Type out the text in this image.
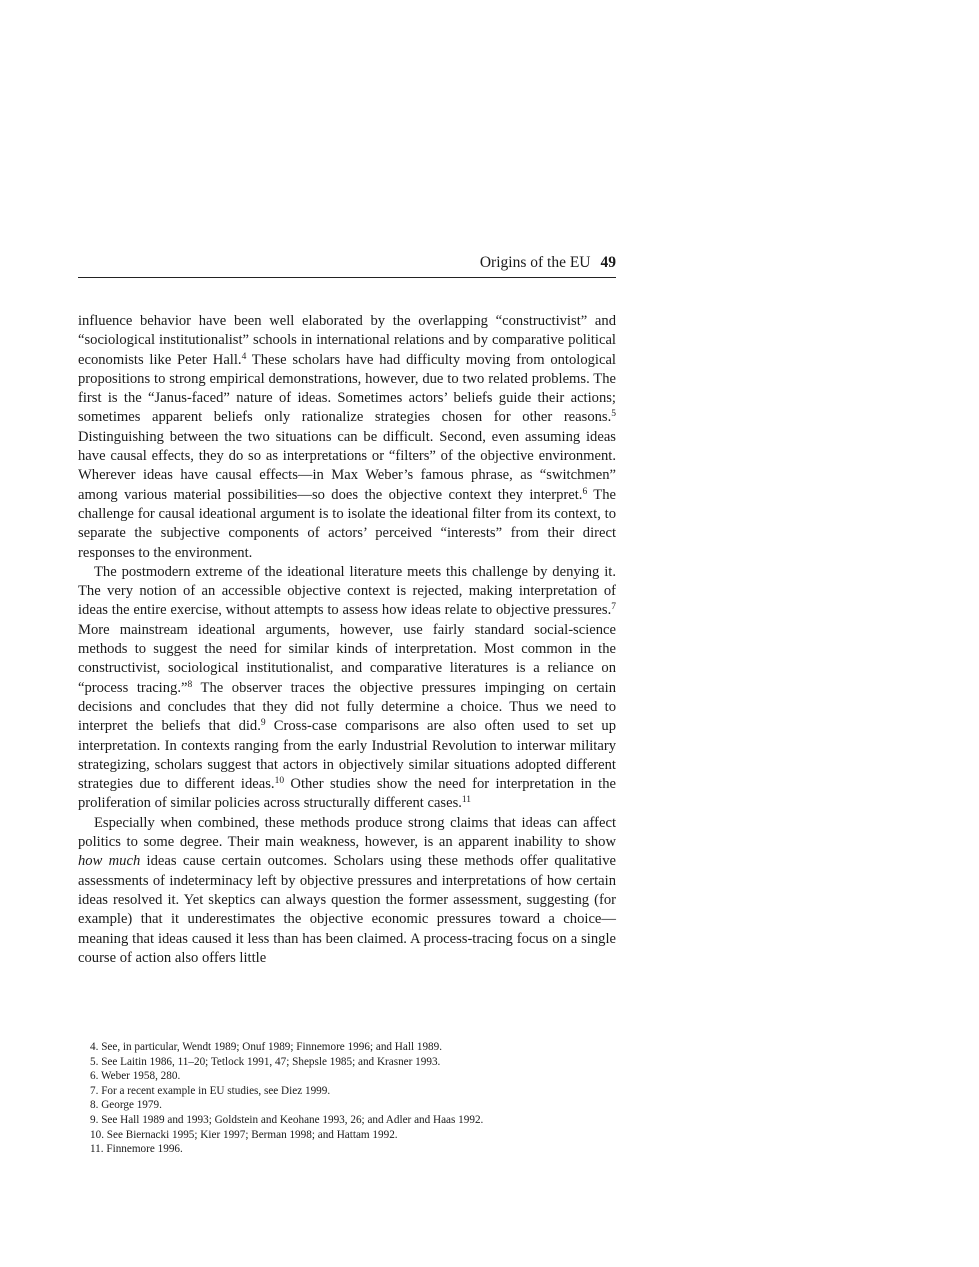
Origins of the EU 49

influence behavior have been well elaborated by the overlapping “constructivist” and “sociological institutionalist” schools in international relations and by comparative political economists like Peter Hall.$^4$ These scholars have had difficulty moving from ontological propositions to strong empirical demonstrations, however, due to two related problems. The first is the “Janus-faced” nature of ideas. Sometimes actors’ beliefs guide their actions; sometimes apparent beliefs only rationalize strategies chosen for other reasons.$^5$ Distinguishing between the two situations can be difficult. Second, even assuming ideas have causal effects, they do so as interpretations or “filters” of the objective environment. Wherever ideas have causal effects—in Max Weber’s famous phrase, as “switchmen” among various material possibilities—so does the objective context they interpret.$^6$ The challenge for causal ideational argument is to isolate the ideational filter from its context, to separate the subjective components of actors’ perceived “interests” from their direct responses to the environment.

The postmodern extreme of the ideational literature meets this challenge by denying it. The very notion of an accessible objective context is rejected, making interpretation of ideas the entire exercise, without attempts to assess how ideas relate to objective pressures.$^7$ More mainstream ideational arguments, however, use fairly standard social-science methods to suggest the need for similar kinds of interpretation. Most common in the constructivist, sociological institutionalist, and comparative literatures is a reliance on “process tracing.”$^8$ The observer traces the objective pressures impinging on certain decisions and concludes that they did not fully determine a choice. Thus we need to interpret the beliefs that did.$^9$ Cross-case comparisons are also often used to set up interpretation. In contexts ranging from the early Industrial Revolution to interwar military strategizing, scholars suggest that actors in objectively similar situations adopted different strategies due to different ideas.$^{10}$ Other studies show the need for interpretation in the proliferation of similar policies across structurally different cases.$^{11}$

Especially when combined, these methods produce strong claims that ideas can affect politics to some degree. Their main weakness, however, is an apparent inability to show how much ideas cause certain outcomes. Scholars using these methods offer qualitative assessments of indeterminacy left by objective pressures and interpretations of how certain ideas resolved it. Yet skeptics can always question the former assessment, suggesting (for example) that it underestimates the objective economic pressures toward a choice—meaning that ideas caused it less than has been claimed. A process-tracing focus on a single course of action also offers little

4. See, in particular, Wendt 1989; Onuf 1989; Finnemore 1996; and Hall 1989.
5. See Laitin 1986, 11–20; Tetlock 1991, 47; Shepsle 1985; and Krasner 1993.
6. Weber 1958, 280.
7. For a recent example in EU studies, see Diez 1999.
8. George 1979.
9. See Hall 1989 and 1993; Goldstein and Keohane 1993, 26; and Adler and Haas 1992.
10. See Biernacki 1995; Kier 1997; Berman 1998; and Hattam 1992.
11. Finnemore 1996.
